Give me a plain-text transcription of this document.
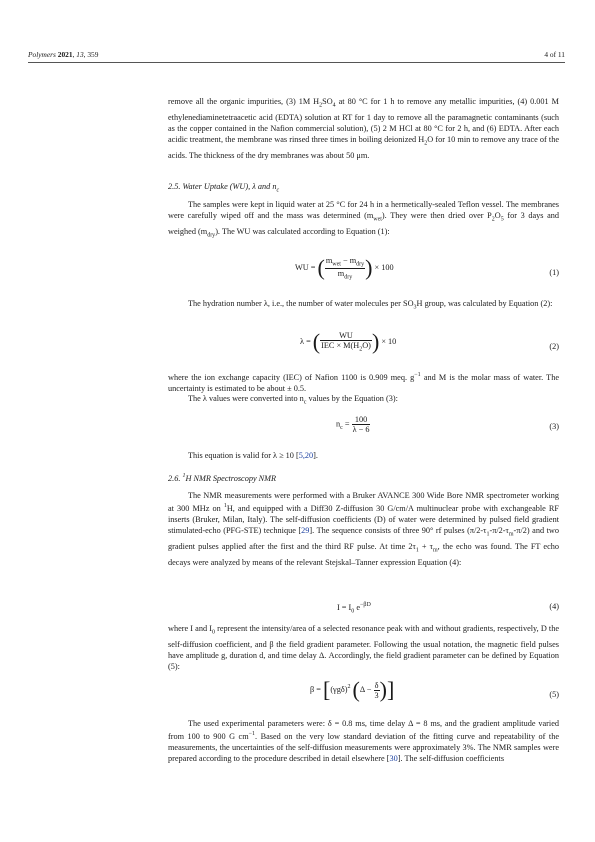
Polymers 2021, 13, 359	4 of 11

remove all the organic impurities, (3) 1M $H_2SO_4$ at 80 °C for 1 h to remove any metallic impurities, (4) 0.001 M ethylenediaminetetraacetic acid (EDTA) solution at RT for 1 day to remove all the paramagnetic contaminants (such as the copper contained in the Nafion commercial solution), (5) 2 M HCl at 80 °C for 2 h, and (6) EDTA. After each acidic treatment, the membrane was rinsed three times in boiling deionized $H_2O$ for 10 min to remove any trace of the acids. The thickness of the dry membranes was about 50 μm.

2.5. Water Uptake (WU), λ and $n_c$

The samples were kept in liquid water at 25 °C for 24 h in a hermetically-sealed Teflon vessel. The membranes were carefully wiped off and the mass was determined $(m_{wet})$. They were then dried over $P_2O_5$ for 3 days and weighed $(m_{dry})$. The WU was calculated according to Equation (1):

WU = ( $\frac{m_{wet} - m_{dry}}{m_{dry}}$ ) × 100
(1)

The hydration number λ, i.e., the number of water molecules per $SO_3H$ group, was calculated by Equation (2):

λ = ( $\frac{WU}{IEC \times M(H_2O)}$ ) × 10
(2)

where the ion exchange capacity (IEC) of Nafion 1100 is 0.909 meq. $g^{-1}$ and M is the molar mass of water. The uncertainty is estimated to be about ± 0.5.

The λ values were converted into $n_c$ values by the Equation (3):

$n_c = \frac{100}{\lambda - 6}$	(3)

This equation is valid for λ ≥ 10 [5,20].

2.6. $^1$H NMR Spectroscopy NMR

The NMR measurements were performed with a Bruker AVANCE 300 Wide Bore NMR spectrometer working at 300 MHz on $^1$H, and equipped with a Diff30 Z-diffusion 30 G/cm/A multinuclear probe with exchangeable RF inserts (Bruker, Milan, Italy). The self-diffusion coefficients (D) of water were determined by pulsed field gradient stimulated-echo (PFG-STE) technique [29]. The sequence consists of three 90° rf pulses $(\pi/2-\tau_1-\pi/2-\tau_m-\pi/2)$ and two gradient pulses applied after the first and the third RF pulse. At time $2\tau_1 + \tau_m$, the echo was found. The FT echo decays were analyzed by means of the relevant Stejskal–Tanner expression Equation (4):

$I = I_0$ $e^{-\beta D}$	(4)

where I and $I_0$ represent the intensity/area of a selected resonance peak with and without gradients, respectively, D the self-diffusion coefficient, and β the field gradient parameter. Following the usual notation, the magnetic field pulses have amplitude g, duration d, and time delay Δ. Accordingly, the field gradient parameter can be defined by Equation (5):

$\beta = [(\gamma g\delta)^2$ ($\Delta - \frac{\delta}{3}$ )]	(5)

The used experimental parameters were: δ = 0.8 ms, time delay Δ = 8 ms, and the gradient amplitude varied from 100 to 900 G $cm^{-1}$. Based on the very low standard deviation of the fitting curve and repeatability of the measurements, the uncertainties of the self-diffusion measurements were approximately 3%. The NMR samples were prepared according to the procedure described in detail elsewhere [30]. The self-diffusion coefficients
